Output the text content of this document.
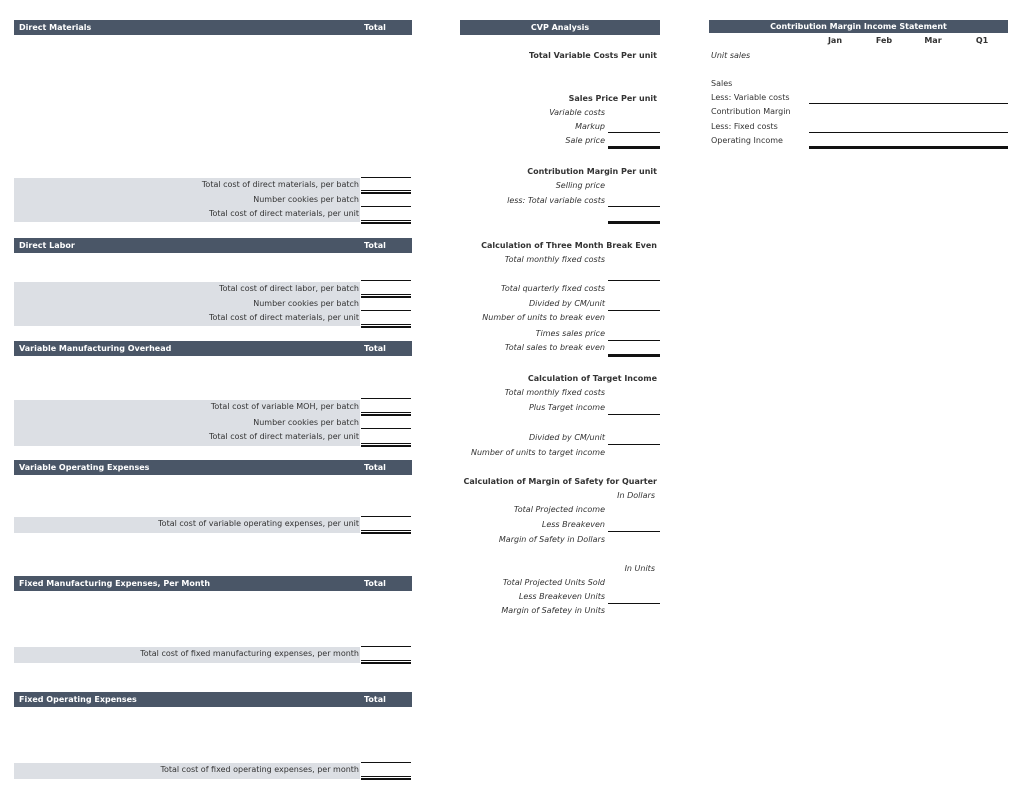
Direct Materials	Total
Total cost of direct materials, per batch
Number cookies per batch
Total cost of direct materials, per unit
Direct Labor	Total
Total cost of direct labor, per batch
Number cookies per batch
Total cost of direct materials, per unit
Variable Manufacturing Overhead	Total
Total cost of variable MOH, per batch
Number cookies per batch
Total cost of direct materials, per unit
Variable Operating Expenses	Total
Total cost of variable operating expenses, per unit
Fixed Manufacturing Expenses, Per Month	Total
Total cost of fixed manufacturing expenses, per month
Fixed Operating Expenses	Total
Total cost of fixed operating expenses, per month
CVP Analysis
Total Variable Costs Per unit
Sales Price Per unit
Variable costs
Markup
Sale price
Contribution Margin Per unit
Selling price
less: Total variable costs
Calculation of Three Month Break Even
Total monthly fixed costs
Total quarterly fixed costs
Divided by CM/unit
Number of units to break even
Times sales price
Total sales to break even
Calculation of Target Income
Total monthly fixed costs
Plus Target income
Divided by CM/unit
Number of units to target income
Calculation of Margin of Safety for Quarter
In Dollars
Total Projected income
Less Breakeven
Margin of Safety in Dollars
In Units
Total Projected Units Sold
Less Breakeven Units
Margin of Safetey in Units
Contribution Margin Income Statement
Jan	Feb	Mar	Q1
Unit sales
Sales
Less: Variable costs
Contribution Margin
Less: Fixed costs
Operating Income
